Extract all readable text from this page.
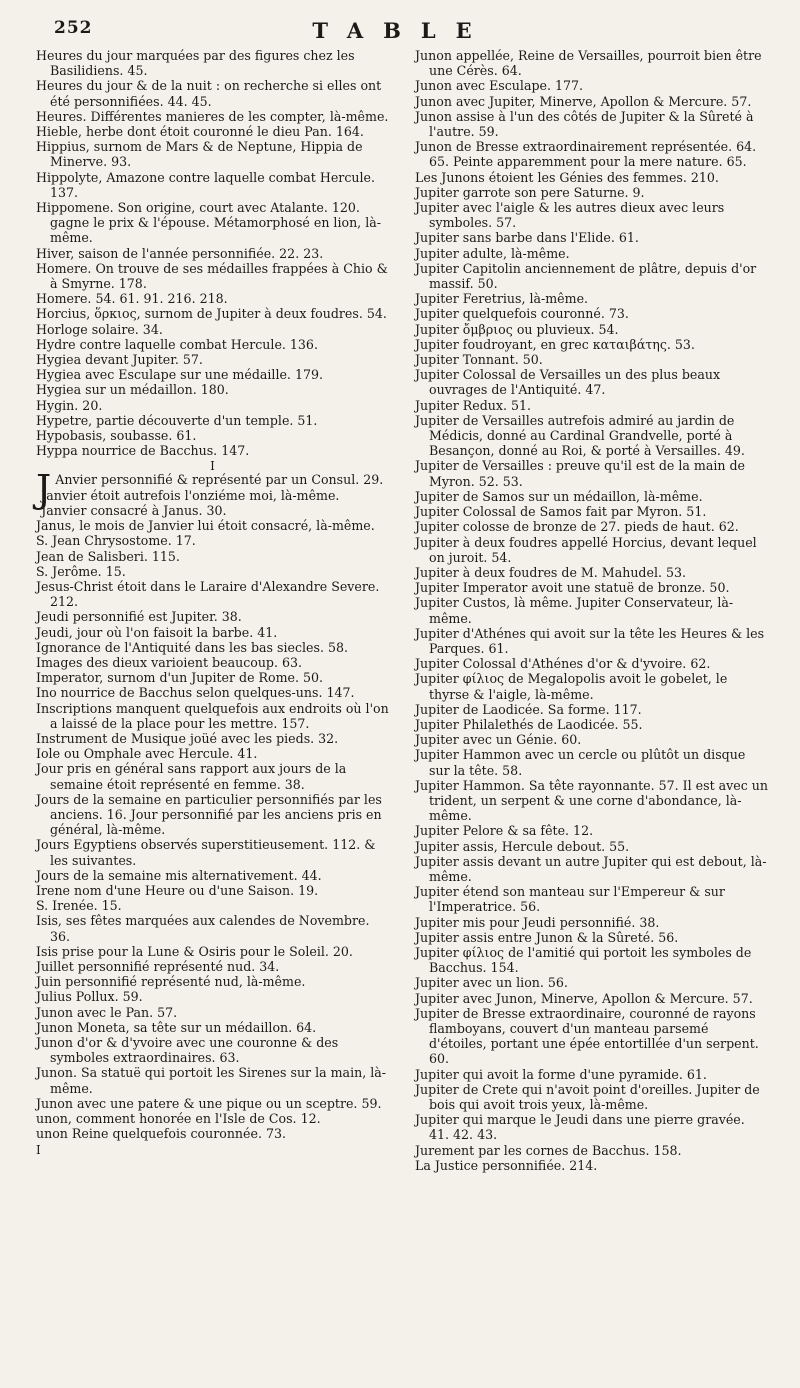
252	TABLE

Heures du jour marquées par des figures chez les Basilidiens. 45.

Heures du jour & de la nuit : on recherche si elles ont été personnifiées. 44. 45.

Heures. Différentes manieres de les compter, là-même.

Hieble, herbe dont étoit couronné le dieu Pan. 164.

Hippius, surnom de Mars & de Neptune, Hippia de Minerve. 93.

Hippolyte, Amazone contre laquelle combat Hercule. 137.

Hippomene. Son origine, court avec Atalante. 120. gagne le prix & l'épouse. Métamorphosé en lion, là-même.

Hiver, saison de l'année personnifiée. 22. 23.

Homere. On trouve de ses médailles frappées à Chio & à Smyrne. 178.

Homere. 54. 61. 91. 216. 218.

Horcius, ὅρκιος, surnom de Jupiter à deux foudres. 54.

Horloge solaire. 34.

Hydre contre laquelle combat Hercule. 136.

Hygiea devant Jupiter. 57.

Hygiea avec Esculape sur une médaille. 179.

Hygiea sur un médaillon. 180.

Hygin. 20.

Hypetre, partie découverte d'un temple. 51.

Hypobasis, soubasse. 61.

Hyppa nourrice de Bacchus. 147.

I

J Anvier personnifié & représenté par un Consul. 29.

Janvier étoit autrefois l'onziéme moi, là-même.

Janvier consacré à Janus. 30.

Janus, le mois de Janvier lui étoit consacré, là-même.

S. Jean Chrysostome. 17.

Jean de Salisberi. 115.

S. Jerôme. 15.

Jesus-Christ étoit dans le Laraire d'Alexandre Severe. 212.

Jeudi personnifié est Jupiter. 38.

Jeudi, jour où l'on faisoit la barbe. 41.

Ignorance de l'Antiquité dans les bas siecles. 58.

Images des dieux varioient beaucoup. 63.

Imperator, surnom d'un Jupiter de Rome. 50.

Ino nourrice de Bacchus selon quelques-uns. 147.

Inscriptions manquent quelquefois aux endroits où l'on a laissé de la place pour les mettre. 157.

Instrument de Musique joüé avec les pieds. 32.

Iole ou Omphale avec Hercule. 41.

Jour pris en général sans rapport aux jours de la semaine étoit représenté en femme. 38.

Jours de la semaine en particulier personnifiés par les anciens. 16. Jour personnifié par les anciens pris en général, là-même.

Jours Egyptiens observés superstitieusement. 112. & les suivantes.

Jours de la semaine mis alternativement. 44.

Irene nom d'une Heure ou d'une Saison. 19.

S. Irenée. 15.

Isis, ses fêtes marquées aux calendes de Novembre. 36.

Isis prise pour la Lune & Osiris pour le Soleil. 20.

Juillet personnifié représenté nud. 34.

Juin personnifié représenté nud, là-même.

Julius Pollux. 59.

Junon avec le Pan. 57.

Junon Moneta, sa tête sur un médaillon. 64.

Junon d'or & d'yvoire avec une couronne & des symboles extraordinaires. 63.

Junon. Sa statuë qui portoit les Sirenes sur la main, là-même.

Junon avec une patere & une pique ou un sceptre. 59.

unon, comment honorée en l'Isle de Cos. 12.

unon Reine quelquefois couronnée. 73.

I

Junon appellée, Reine de Versailles, pourroit bien être une Cérès. 64.

Junon avec Esculape. 177.

Junon avec Jupiter, Minerve, Apollon & Mercure. 57.

Junon assise à l'un des côtés de Jupiter & la Sûreté à l'autre. 59.

Junon de Bresse extraordinairement représentée. 64. 65. Peinte apparemment pour la mere nature. 65.

Les Junons étoient les Génies des femmes. 210.

Jupiter garrote son pere Saturne. 9.

Jupiter avec l'aigle & les autres dieux avec leurs symboles. 57.

Jupiter sans barbe dans l'Elide. 61.

Jupiter adulte, là-même.

Jupiter Capitolin anciennement de plâtre, depuis d'or massif. 50.

Jupiter Feretrius, là-même.

Jupiter quelquefois couronné. 73.

Jupiter ὄμβριος ou pluvieux. 54.

Jupiter foudroyant, en grec καταιβάτης. 53.

Jupiter Tonnant. 50.

Jupiter Colossal de Versailles un des plus beaux ouvrages de l'Antiquité. 47.

Jupiter Redux. 51.

Jupiter de Versailles autrefois admiré au jardin de Médicis, donné au Cardinal Grandvelle, porté à Besançon, donné au Roi, & porté à Versailles. 49.

Jupiter de Versailles : preuve qu'il est de la main de Myron. 52. 53.

Jupiter de Samos sur un médaillon, là-même.

Jupiter Colossal de Samos fait par Myron. 51.

Jupiter colosse de bronze de 27. pieds de haut. 62.

Jupiter à deux foudres appellé Horcius, devant lequel on juroit. 54.

Jupiter à deux foudres de M. Mahudel. 53.

Jupiter Imperator avoit une statuë de bronze. 50.

Jupiter Custos, là même. Jupiter Conservateur, là-même.

Jupiter d'Athénes qui avoit sur la tête les Heures & les Parques. 61.

Jupiter Colossal d'Athénes d'or & d'yvoire. 62.

Jupiter φίλιος de Megalopolis avoit le gobelet, le thyrse & l'aigle, là-même.

Jupiter de Laodicée. Sa forme. 117.

Jupiter Philalethés de Laodicée. 55.

Jupiter avec un Génie. 60.

Jupiter Hammon avec un cercle ou plûtôt un disque sur la tête. 58.

Jupiter Hammon. Sa tête rayonnante. 57. Il est avec un trident, un serpent & une corne d'abondance, là-même.

Jupiter Pelore & sa fête. 12.

Jupiter assis, Hercule debout. 55.

Jupiter assis devant un autre Jupiter qui est debout, là-même.

Jupiter étend son manteau sur l'Empereur & sur l'Imperatrice. 56.

Jupiter mis pour Jeudi personnifié. 38.

Jupiter assis entre Junon & la Sûreté. 56.

Jupiter φίλιος de l'amitié qui portoit les symboles de Bacchus. 154.

Jupiter avec un lion. 56.

Jupiter avec Junon, Minerve, Apollon & Mercure. 57.

Jupiter de Bresse extraordinaire, couronné de rayons flamboyans, couvert d'un manteau parsemé d'étoiles, portant une épée entortillée d'un serpent. 60.

Jupiter qui avoit la forme d'une pyramide. 61.

Jupiter de Crete qui n'avoit point d'oreilles. Jupiter de bois qui avoit trois yeux, là-même.

Jupiter qui marque le Jeudi dans une pierre gravée. 41. 42. 43.

Jurement par les cornes de Bacchus. 158.

La Justice personnifiée. 214.
